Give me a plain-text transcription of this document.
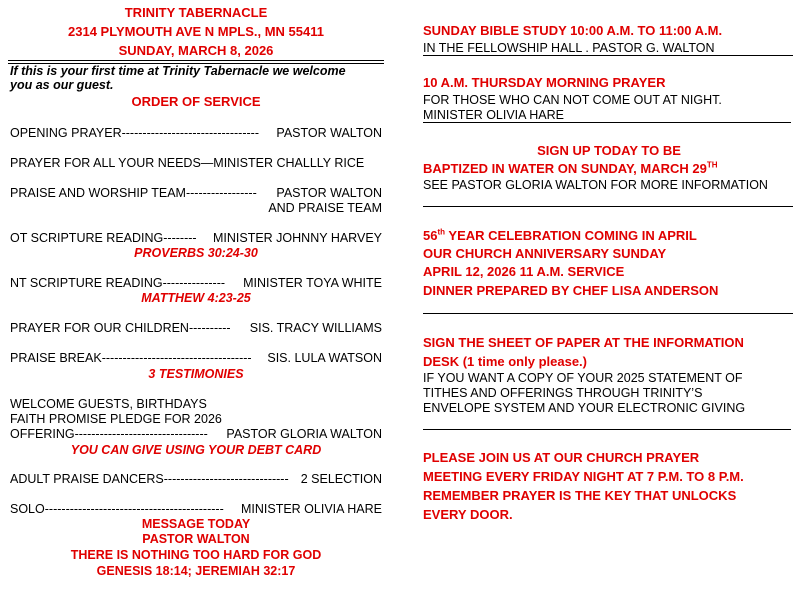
TRINITY TABERNACLE
2314 PLYMOUTH AVE N MPLS., MN 55411
SUNDAY, MARCH 8, 2026
If this is your first time at Trinity Tabernacle we welcome
you as our guest.
ORDER OF SERVICE
OPENING PRAYER ---------------------------------	PASTOR WALTON
PRAYER FOR ALL YOUR NEEDS—MINISTER CHALLLY RICE
PRAISE AND WORSHIP TEAM -----------------	PASTOR WALTON
AND PRAISE TEAM
OT SCRIPTURE READING --------	MINISTER JOHNNY HARVEY
PROVERBS 30:24-30
NT SCRIPTURE READING ---------------	MINISTER TOYA WHITE
MATTHEW 4:23-25
PRAYER FOR OUR CHILDREN ----------	SIS. TRACY WILLIAMS
PRAISE BREAK ------------------------------------	SIS. LULA WATSON
3 TESTIMONIES
WELCOME GUESTS, BIRTHDAYS
FAITH PROMISE PLEDGE FOR 2026
OFFERING --------------------------------	PASTOR GLORIA WALTON
YOU CAN GIVE USING YOUR DEBT CARD
ADULT PRAISE DANCERS ------------------------------ 2 SELECTION
SOLO -------------------------------------------	MINISTER OLIVIA HARE
MESSAGE TODAY
PASTOR WALTON
THERE IS NOTHING TOO HARD FOR GOD
GENESIS 18:14; JEREMIAH 32:17
SUNDAY BIBLE STUDY 10:00 A.M. TO 11:00 A.M.
IN THE FELLOWSHIP HALL . PASTOR G. WALTON
10 A.M. THURSDAY MORNING PRAYER
FOR THOSE WHO CAN NOT COME OUT AT NIGHT.
MINISTER OLIVIA HARE
SIGN UP TODAY TO BE
BAPTIZED IN WATER ON SUNDAY, MARCH 29TH
SEE PASTOR GLORIA WALTON FOR MORE INFORMATION
56th YEAR CELEBRATION COMING IN APRIL
OUR CHURCH ANNIVERSARY SUNDAY
APRIL 12, 2026 11 A.M. SERVICE
DINNER PREPARED BY CHEF LISA ANDERSON
SIGN THE SHEET OF PAPER AT THE INFORMATION
DESK (1 time only please.)
IF YOU WANT A COPY OF YOUR 2025 STATEMENT OF
TITHES AND OFFERINGS THROUGH TRINITY’S
ENVELOPE SYSTEM AND YOUR ELECTRONIC GIVING
PLEASE JOIN US AT OUR CHURCH PRAYER
MEETING EVERY FRIDAY NIGHT AT 7 P.M. TO 8 P.M.
REMEMBER PRAYER IS THE KEY THAT UNLOCKS
EVERY DOOR.
